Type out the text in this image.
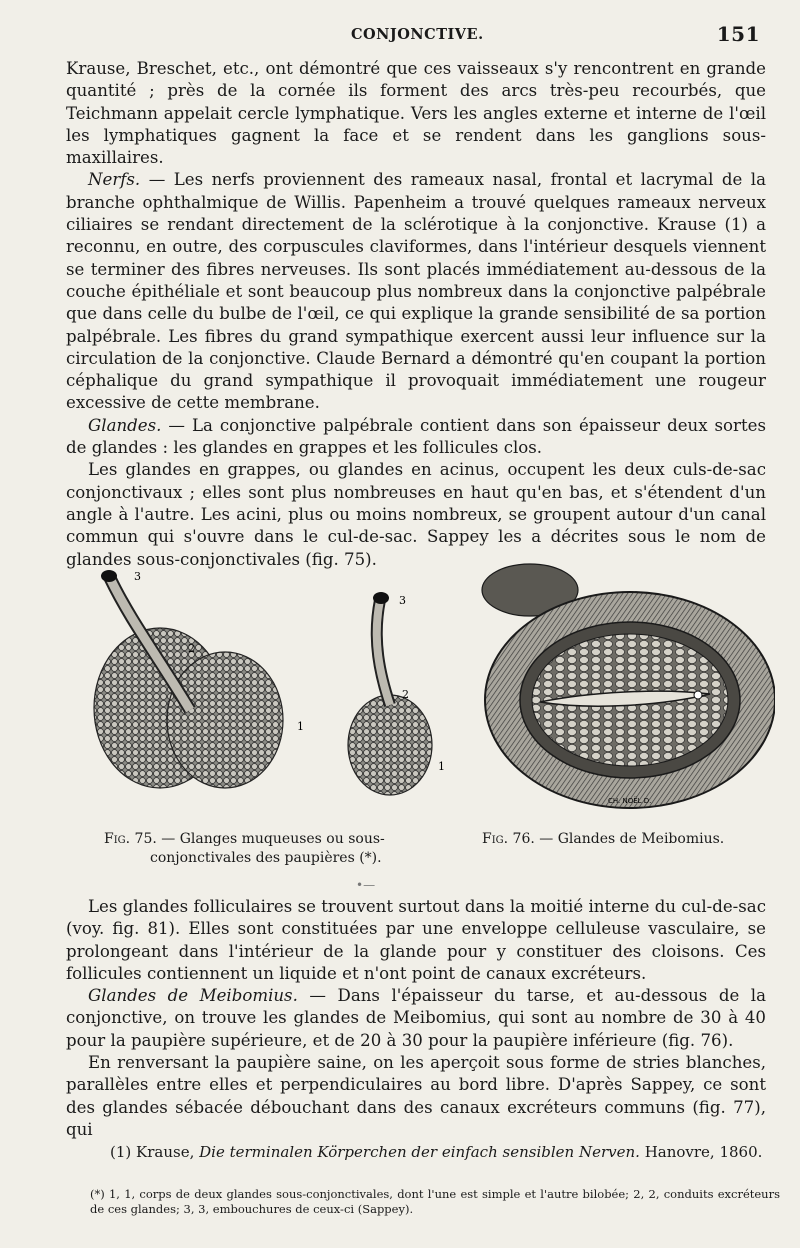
CONJONCTIVE.	151

Krause, Breschet, etc., ont démontré que ces vaisseaux s'y rencontrent en grande quantité ; près de la cornée ils forment des arcs très-peu recourbés, que Teichmann appelait cercle lymphatique. Vers les angles externe et interne de l'œil les lymphatiques gagnent la face et se rendent dans les ganglions sous-maxillaires.

Nerfs. — Les nerfs proviennent des rameaux nasal, frontal et lacrymal de la branche ophthalmique de Willis. Papenheim a trouvé quelques rameaux nerveux ciliaires se rendant directement de la sclérotique à la conjonctive. Krause (1) a reconnu, en outre, des corpuscules claviformes, dans l'intérieur desquels viennent se terminer des fibres nerveuses. Ils sont placés immédiatement au-dessous de la couche épithéliale et sont beaucoup plus nombreux dans la conjonctive palpébrale que dans celle du bulbe de l'œil, ce qui explique la grande sensibilité de sa portion palpébrale. Les fibres du grand sympathique exercent aussi leur influence sur la circulation de la conjonctive. Claude Bernard a démontré qu'en coupant la portion céphalique du grand sympathique il provoquait immédiatement une rougeur excessive de cette membrane.

Glandes. — La conjonctive palpébrale contient dans son épaisseur deux sortes de glandes : les glandes en grappes et les follicules clos.

Les glandes en grappes, ou glandes en acinus, occupent les deux culs-de-sac conjonctivaux ; elles sont plus nombreuses en haut qu'en bas, et s'étendent d'un angle à l'autre. Les acini, plus ou moins nombreux, se groupent autour d'un canal commun qui s'ouvre dans le cul-de-sac. Sappey les a décrites sous le nom de glandes sous-conjonctivales (fig. 75).

3
2
1
3
2
1
CH. NOËL D.
Fig. 75. — Glanges muqueuses ou sous-
conjonctivales des paupières (*).
Fig. 76. — Glandes de Meibomius.
•—

Les glandes folliculaires se trouvent surtout dans la moitié interne du cul-de-sac (voy. fig. 81). Elles sont constituées par une enveloppe celluleuse vasculaire, se prolongeant dans l'intérieur de la glande pour y constituer des cloisons. Ces follicules contiennent un liquide et n'ont point de canaux excréteurs.

Glandes de Meibomius. — Dans l'épaisseur du tarse, et au-dessous de la conjonctive, on trouve les glandes de Meibomius, qui sont au nombre de 30 à 40 pour la paupière supérieure, et de 20 à 30 pour la paupière inférieure (fig. 76).

En renversant la paupière saine, on les aperçoit sous forme de stries blanches, parallèles entre elles et perpendiculaires au bord libre. D'après Sappey, ce sont des glandes sébacée débouchant dans des canaux excréteurs communs (fig. 77), qui

(1) Krause, Die terminalen Körperchen der einfach sensiblen Nerven. Hanovre, 1860.
(*) 1, 1, corps de deux glandes sous-conjonctivales, dont l'une est simple et l'autre bilobée; 2, 2, conduits excréteurs de ces glandes; 3, 3, embouchures de ceux-ci (Sappey).
